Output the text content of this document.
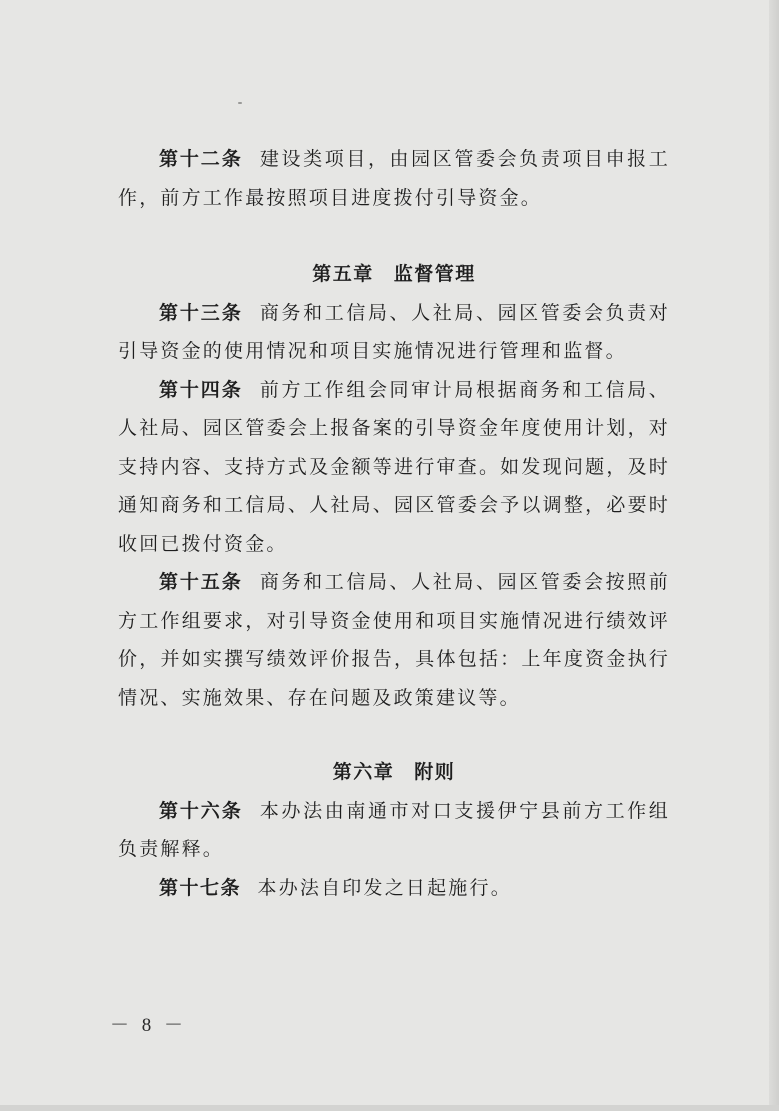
第十二条 建设类项目，由园区管委会负责项目申报工作，前方工作最按照项目进度拨付引导资金。

第五章 监督管理

第十三条 商务和工信局、人社局、园区管委会负责对引导资金的使用情况和项目实施情况进行管理和监督。

第十四条 前方工作组会同审计局根据商务和工信局、人社局、园区管委会上报备案的引导资金年度使用计划，对支持内容、支持方式及金额等进行审查。如发现问题，及时通知商务和工信局、人社局、园区管委会予以调整，必要时收回已拨付资金。

第十五条 商务和工信局、人社局、园区管委会按照前方工作组要求，对引导资金使用和项目实施情况进行绩效评价，并如实撰写绩效评价报告，具体包括：上年度资金执行情况、实施效果、存在问题及政策建议等。

第六章 附则

第十六条 本办法由南通市对口支援伊宁县前方工作组负责解释。

第十七条 本办法自印发之日起施行。

－ 8 －
